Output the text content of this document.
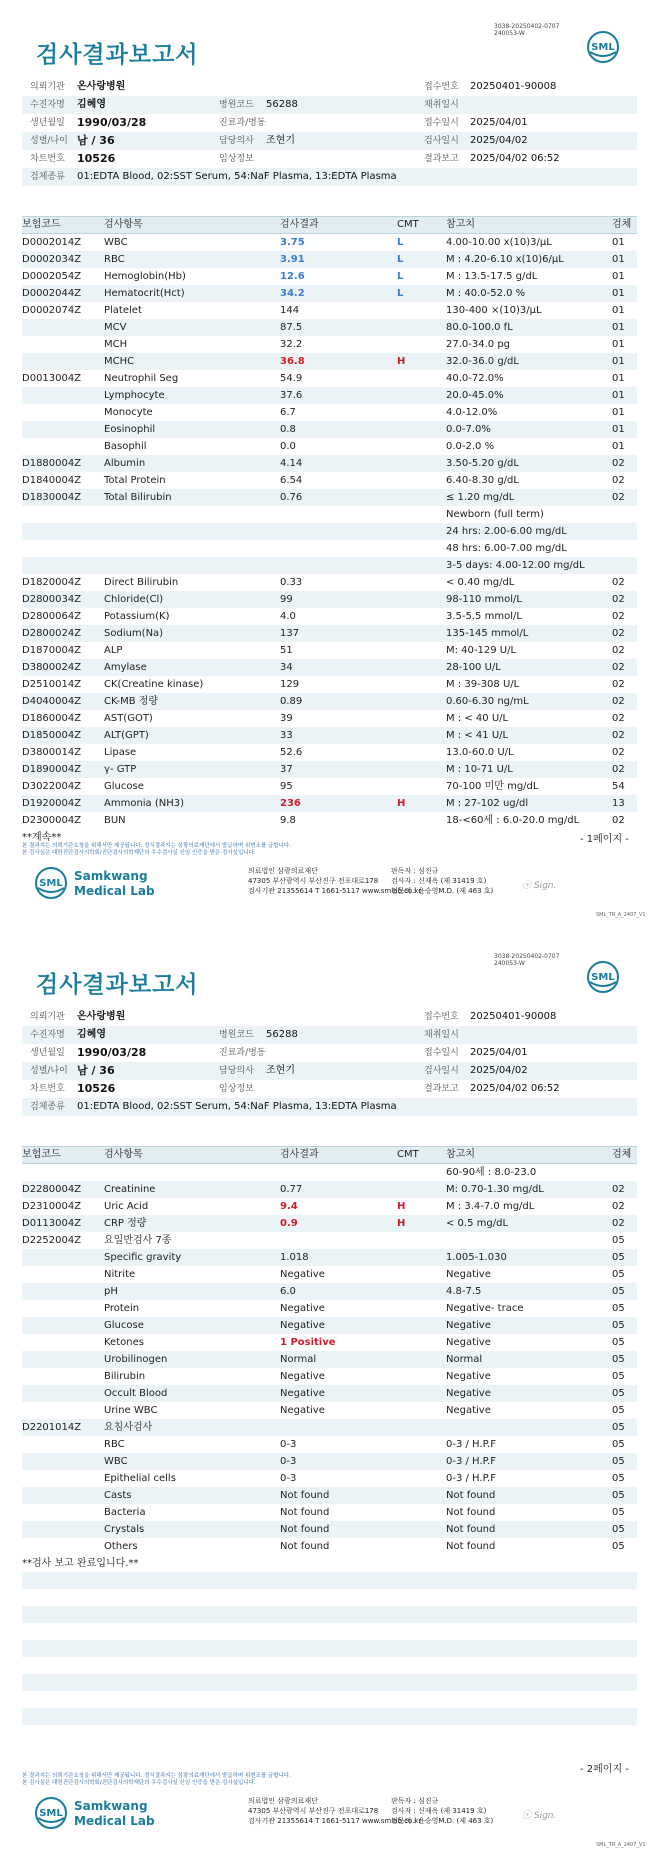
3038-20250402-0707
240053-W
검사결과보고서	SML
의뢰기관 온사랑병원	접수번호 20250401-90008
수진자명 김혜영	병원코드 56288	채취일시
생년월일 1990/03/28	진료과/병동	접수일시 2025/04/01
성별/나이 남 / 36	담당의사 조현기	검사일시 2025/04/02
차트번호 10526	임상정보	결과보고 2025/04/02 06:52
검체종류 01:EDTA Blood, 02:SST Serum, 54:NaF Plasma, 13:EDTA Plasma
보험코드	검사항목	검사결과	CMT	참고치	검체
D0002014Z WBC	3.75	L	4.00-10.00 x(10)3/μL	01
D0002034Z RBC	3.91	L	M : 4.20-6.10 x(10)6/μL	01
D0002054Z Hemoglobin(Hb)	12.6	L	M : 13.5-17.5 g/dL	01
D0002044Z Hematocrit(Hct)	34.2	L	M : 40.0-52.0 %	01
D0002074Z Platelet	144	130-400 ×(10)3/μL	01
MCV	87.5	80.0-100.0 fL	01
MCH	32.2	27.0-34.0 pg	01
MCHC	36.8	H	32.0-36.0 g/dL	01
D0013004Z Neutrophil Seg	54.9	40.0-72.0%	01
Lymphocyte	37.6	20.0-45.0%	01
Monocyte	6.7	4.0-12.0%	01
Eosinophil	0.8	0.0-7.0%	01
Basophil	0.0	0.0-2.0 %	01
D1880004Z Albumin	4.14	3.50-5.20 g/dL	02
D1840004Z Total Protein	6.54	6.40-8.30 g/dL	02
D1830004Z Total Bilirubin	0.76	≤ 1.20 mg/dL	02
Newborn (full term)
24 hrs: 2.00-6.00 mg/dL
48 hrs: 6.00-7.00 mg/dL
3-5 days: 4.00-12.00 mg/dL
D1820004Z Direct Bilirubin	0.33	< 0.40 mg/dL	02
D2800034Z Chloride(Cl)	99	98-110 mmol/L	02
D2800064Z Potassium(K)	4.0	3.5-5.5 mmol/L	02
D2800024Z Sodium(Na)	137	135-145 mmol/L	02
D1870004Z ALP	51	M: 40-129 U/L	02
D3800024Z Amylase	34	28-100 U/L	02
D2510014Z CK(Creatine kinase)	129	M : 39-308 U/L	02
D4040004Z CK-MB 정량	0.89	0.60-6.30 ng/mL	02
D1860004Z AST(GOT)	39	M : < 40 U/L	02
D1850004Z ALT(GPT)	33	M : < 41 U/L	02
D3800014Z Lipase	52.6	13.0-60.0 U/L	02
D1890004Z γ- GTP	37	M : 10-71 U/L	02
D3022004Z Glucose	95	70-100 미만 mg/dL	54
D1920004Z Ammonia (NH3)	236	H	M : 27-102 ug/dl	13
D2300004Z BUN	9.8	18-<60세 : 6.0-20.0 mg/dL	02
**계속**	- 1페이지 -
본 결과지는 의뢰기관요청을 위해서만 제공됩니다. 정식결과지는 삼광의료재단에서 발급하며 위변조를 금합니다.
본 검사실은 대한진단검사의학회/진단검사의학재단의 우수검사실 신임 인증을 받은 검사실입니다.
SML
Samkwang
Medical Lab
의료법인 삼광의료재단
47305 부산광역시 부산진구 전포대로178
검사기관 21355614 T 1661-5117 www.smlab.co.kr
판독자 : 심진규
검사자 : 신재옥 (제 31419 호)
전문의 : 윤승영M.D. (제 463 호)	ⓢ Sign.
SML_TR_A_2407_V1
3038-20250402-0707
240053-W
검사결과보고서	SML
의뢰기관 온사랑병원	접수번호 20250401-90008
수진자명 김혜영	병원코드 56288	채취일시
생년월일 1990/03/28	진료과/병동	접수일시 2025/04/01
성별/나이 남 / 36	담당의사 조현기	검사일시 2025/04/02
차트번호 10526	임상정보	결과보고 2025/04/02 06:52
검체종류 01:EDTA Blood, 02:SST Serum, 54:NaF Plasma, 13:EDTA Plasma
보험코드	검사항목	검사결과	CMT	참고치	검체
60-90세 : 8.0-23.0
D2280004Z Creatinine	0.77	M: 0.70-1.30 mg/dL	02
D2310004Z Uric Acid	9.4	H	M : 3.4-7.0 mg/dL	02
D0113004Z CRP 정량	0.9	H	< 0.5 mg/dL	02
D2252004Z 요일반검사 7종	05
Specific gravity	1.018	1.005-1.030	05
Nitrite	Negative	Negative	05
pH	6.0	4.8-7.5	05
Protein	Negative	Negative- trace	05
Glucose	Negative	Negative	05
Ketones	1 Positive	Negative	05
Urobilinogen	Normal	Normal	05
Bilirubin	Negative	Negative	05
Occult Blood	Negative	Negative	05
Urine WBC	Negative	Negative	05
D2201014Z 요침사검사	05
RBC	0-3	0-3 / H.P.F	05
WBC	0-3	0-3 / H.P.F	05
Epithelial cells	0-3	0-3 / H.P.F	05
Casts	Not found	Not found	05
Bacteria	Not found	Not found	05
Crystals	Not found	Not found	05
Others	Not found	Not found	05
**검사 보고 완료입니다.**
- 2페이지 -
본 결과지는 의뢰기관요청을 위해서만 제공됩니다. 정식결과지는 삼광의료재단에서 발급하며 위변조를 금합니다.
본 검사실은 대한진단검사의학회/진단검사의학재단의 우수검사실 신임 인증을 받은 검사실입니다.
SML
Samkwang
Medical Lab
의료법인 삼광의료재단
47305 부산광역시 부산진구 전포대로178
검사기관 21355614 T 1661-5117 www.smlab.co.kr
판독자 : 심진규
검사자 : 신재옥 (제 31419 호)
전문의 : 윤승영M.D. (제 463 호)	ⓢ Sign.
SML_TR_A_2407_V1
